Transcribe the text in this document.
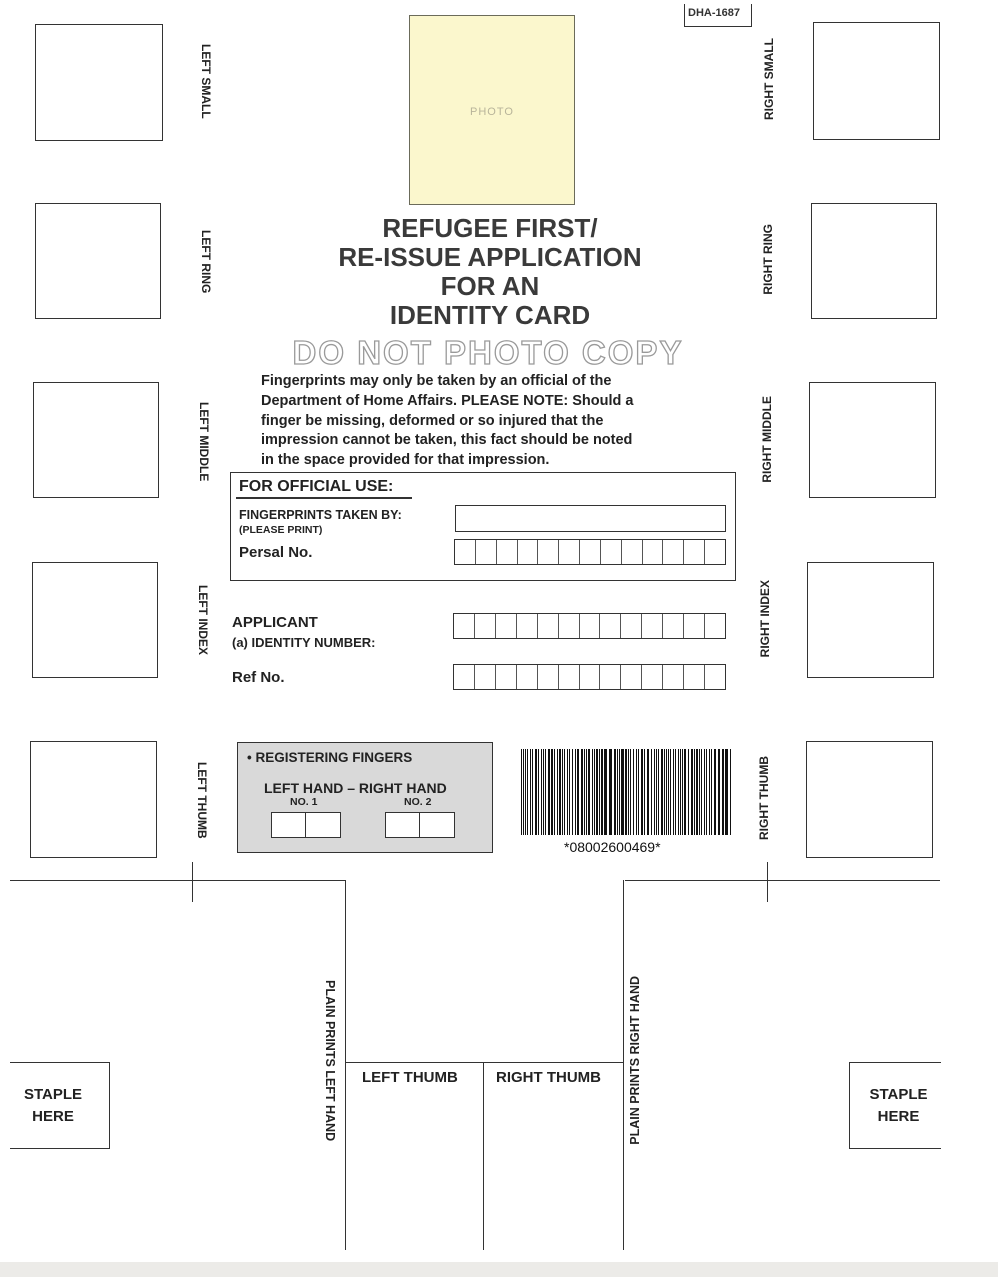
DHA-1687
PHOTO
LEFT SMALL
LEFT RING
LEFT MIDDLE
LEFT INDEX
LEFT THUMB
RIGHT SMALL
RIGHT RING
RIGHT MIDDLE
RIGHT INDEX
RIGHT THUMB
REFUGEE FIRST/
RE-ISSUE APPLICATION
FOR AN
IDENTITY CARD
DO NOT PHOTO COPY
Fingerprints may only be taken by an official of the
Department of Home Affairs. PLEASE NOTE: Should a
finger be missing, deformed or so injured that the
impression cannot be taken, this fact should be noted
in the space provided for that impression.
FOR OFFICIAL USE:
FINGERPRINTS TAKEN BY:
(PLEASE PRINT)
Persal No.
APPLICANT
(a) IDENTITY NUMBER:
Ref No.
• REGISTERING FINGERS
LEFT HAND – RIGHT HAND
NO. 1	NO. 2
*08002600469*
PLAIN PRINTS LEFT HAND	PLAIN PRINTS RIGHT HAND
LEFT THUMB	RIGHT THUMB
STAPLE
HERE
STAPLE
HERE
